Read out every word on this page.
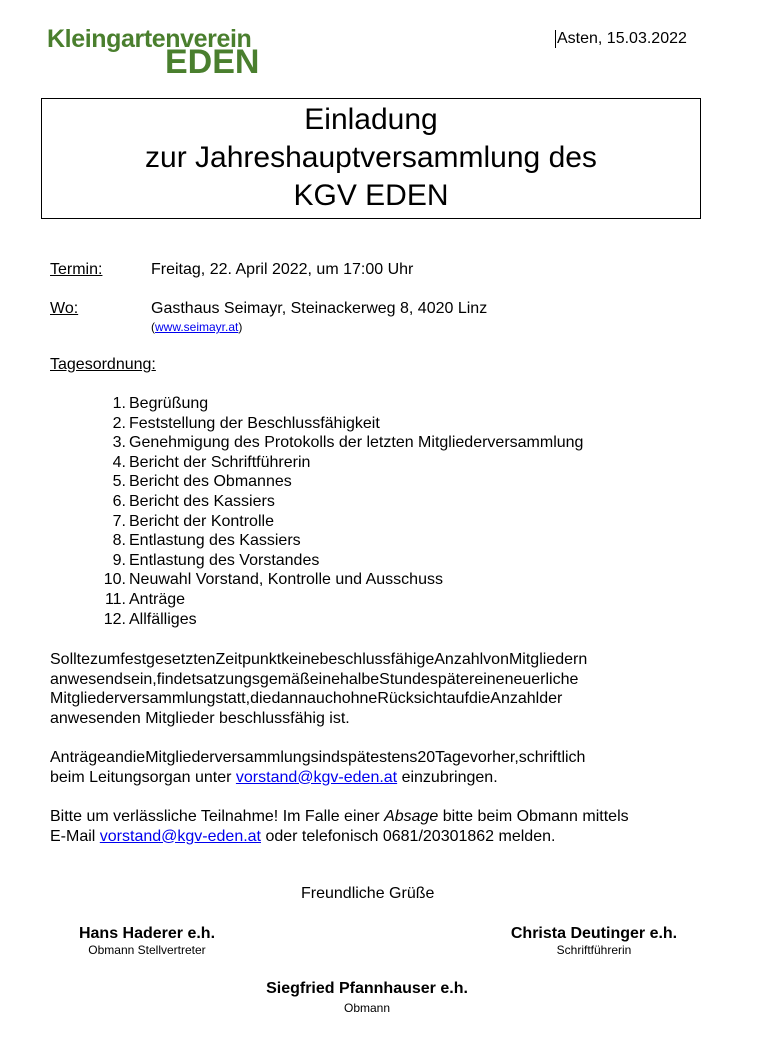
Kleingartenverein
EDEN
Asten, 15.03.2022
Einladung
zur Jahreshauptversammlung des
KGV EDEN
Termin:	Freitag, 22. April 2022, um 17:00 Uhr
Wo:	Gasthaus Seimayr, Steinackerweg 8, 4020 Linz
(www.seimayr.at)
Tagesordnung:
1. Begrüßung
2. Feststellung der Beschlussfähigkeit
3. Genehmigung des Protokolls der letzten Mitgliederversammlung
4. Bericht der Schriftführerin
5. Bericht des Obmannes
6. Bericht des Kassiers
7. Bericht der Kontrolle
8. Entlastung des Kassiers
9. Entlastung des Vorstandes
10. Neuwahl Vorstand, Kontrolle und Ausschuss
11. Anträge
12. Allfälliges
SolltezumfestgesetztenZeitpunktkeinebeschlussfähigeAnzahlvonMitgliedern
anwesendsein,findetsatzungsgemäßeinehalbeStundespätereineneuerliche
Mitgliederversammlungstatt,diedannauchohneRücksichtaufdieAnzahlder
anwesenden Mitglieder beschlussfähig ist.
AnträgeandieMitgliederversammlungsindspätestens20Tagevorher,schriftlich
beim Leitungsorgan unter vorstand@kgv-eden.at einzubringen.
Bitte um verlässliche Teilnahme! Im Falle einer Absage bitte beim Obmann mittels
E-Mail vorstand@kgv-eden.at oder telefonisch 0681/20301862 melden.
Freundliche Grüße
Hans Haderer e.h.
Obmann Stellvertreter
Christa Deutinger e.h.
Schriftführerin
Siegfried Pfannhauser e.h.
Obmann
